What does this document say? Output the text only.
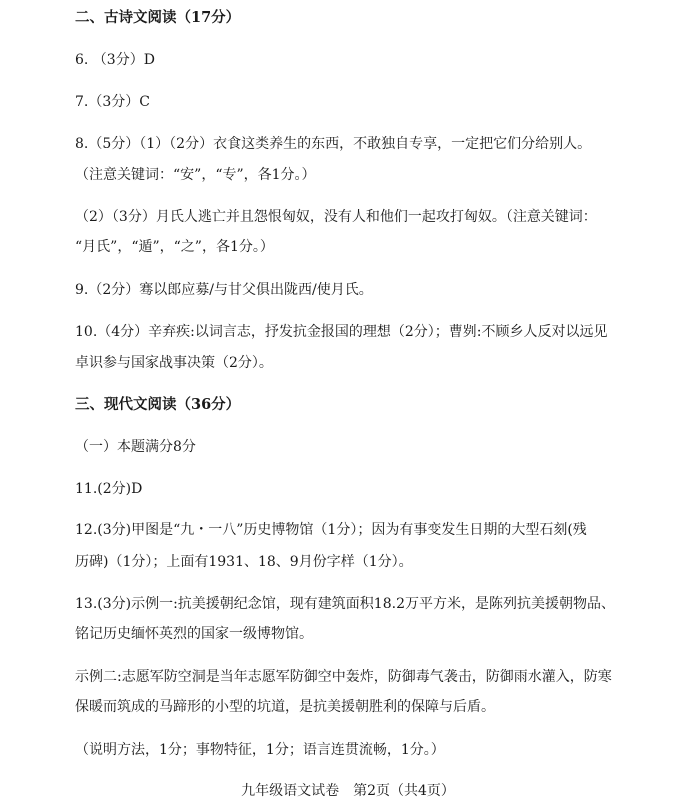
二、古诗文阅读（17分）
6. （3分）D
7.（3分）C
8.（5分）（1）（2分）衣食这类养生的东西，不敢独自专享，一定把它们分给别人。
（注意关键词：“安”，“专”，各1分。）
（2）（3分）月氏人逃亡并且怨恨匈奴，没有人和他们一起攻打匈奴。（注意关键词：
“月氏”，“遁”，“之”，各1分。）
9.（2分）骞以郎应募/与甘父俱出陇西/使月氏。
10.（4分）辛弃疾:以词言志，抒发抗金报国的理想（2分）；曹刿:不顾乡人反对以远见
卓识参与国家战事决策（2分）。
三、现代文阅读（36分）
（一）本题满分8分
11.(2分)D
12.(3分)甲图是“九・一八”历史博物馆（1分）；因为有事变发生日期的大型石刻(残
历碑)（1分）；上面有1931、18、9月份字样（1分）。
13.(3分)示例一:抗美援朝纪念馆，现有建筑面积18.2万平方米，是陈列抗美援朝物品、
铭记历史缅怀英烈的国家一级博物馆。
示例二:志愿军防空洞是当年志愿军防御空中轰炸，防御毒气袭击，防御雨水灌入，防寒
保暖而筑成的马蹄形的小型的坑道，是抗美援朝胜利的保障与后盾。
（说明方法，1分；事物特征，1分；语言连贯流畅，1分。）
九年级语文试卷　第2页（共4页）
